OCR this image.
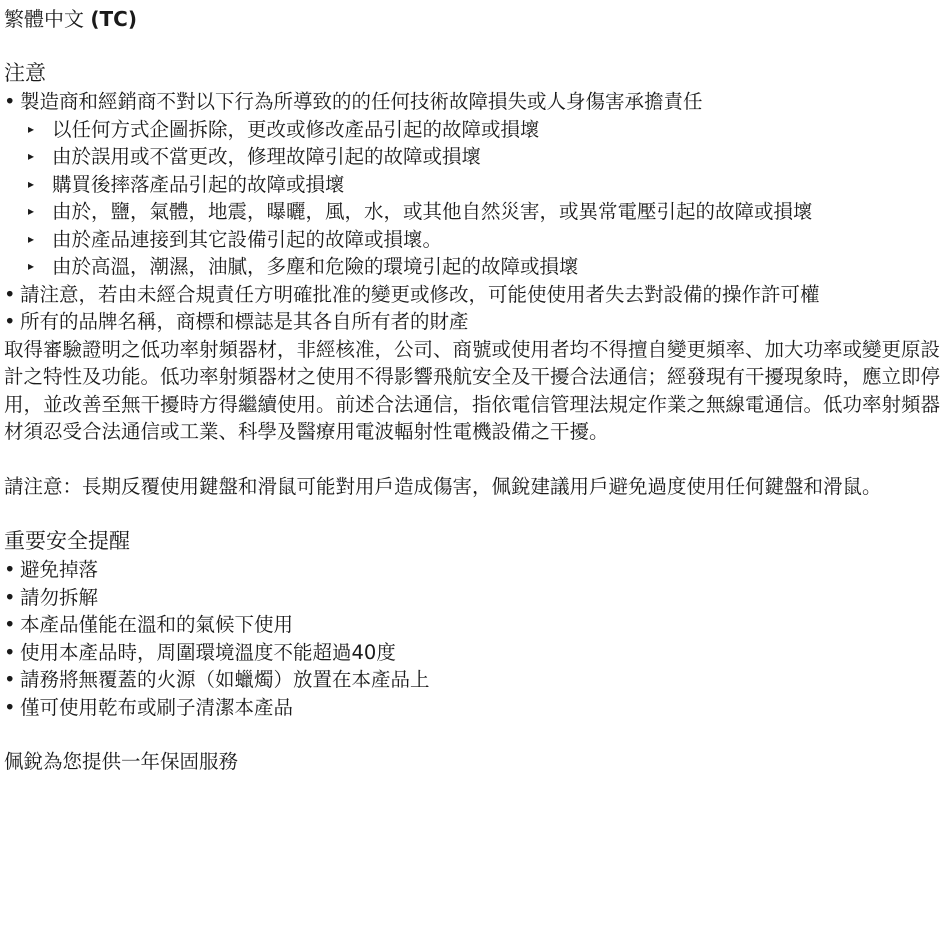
繁體中文 (TC)
注意
• 製造商和經銷商不對以下行為所導致的的任何技術故障損失或人身傷害承擔責任
▸ 以任何方式企圖拆除，更改或修改產品引起的故障或損壞
▸ 由於誤用或不當更改，修理故障引起的故障或損壞
▸ 購買後摔落產品引起的故障或損壞
▸ 由於，鹽，氣體，地震，曝曬，風，水，或其他自然災害，或異常電壓引起的故障或損壞
▸ 由於產品連接到其它設備引起的故障或損壞。
▸ 由於高溫，潮濕，油膩，多塵和危險的環境引起的故障或損壞
• 請注意，若由未經合規責任方明確批准的變更或修改，可能使使用者失去對設備的操作許可權
• 所有的品牌名稱，商標和標誌是其各自所有者的財產
取得審驗證明之低功率射頻器材，非經核准，公司、商號或使用者均不得擅自變更頻率、加大功率或變更原設計之特性及功能。低功率射頻器材之使用不得影響飛航安全及干擾合法通信；經發現有干擾現象時，應立即停用，並改善至無干擾時方得繼續使用。前述合法通信，指依電信管理法規定作業之無線電通信。低功率射頻器材須忍受合法通信或工業、科學及醫療用電波輻射性電機設備之干擾。
請注意：長期反覆使用鍵盤和滑鼠可能對用戶造成傷害，佩銳建議用戶避免過度使用任何鍵盤和滑鼠。
重要安全提醒
• 避免掉落
• 請勿拆解
• 本產品僅能在溫和的氣候下使用
• 使用本產品時，周圍環境溫度不能超過40度
• 請務將無覆蓋的火源（如蠟燭）放置在本產品上
• 僅可使用乾布或刷子清潔本產品
佩銳為您提供一年保固服務
